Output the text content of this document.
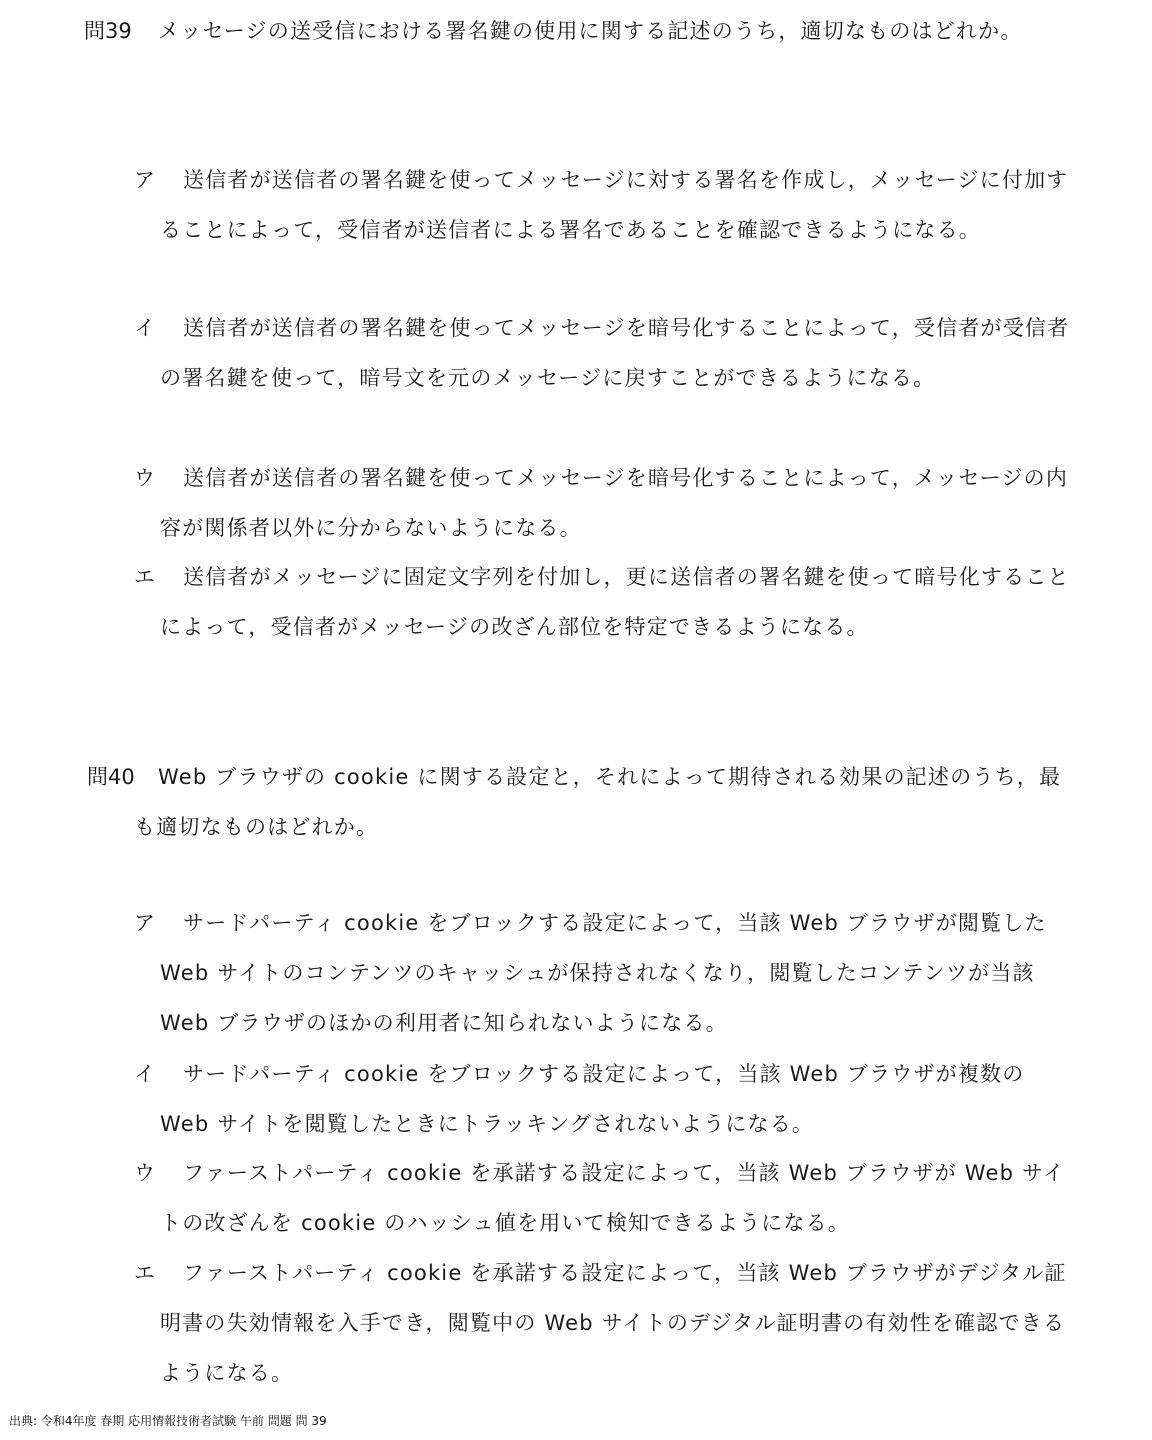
問39	メッセージの送受信における署名鍵の使用に関する記述のうち，適切なものはどれか。
ア	送信者が送信者の署名鍵を使ってメッセージに対する署名を作成し，メッセージに付加することによって，受信者が送信者による署名であることを確認できるようになる。
イ	送信者が送信者の署名鍵を使ってメッセージを暗号化することによって，受信者が受信者の署名鍵を使って，暗号文を元のメッセージに戻すことができるようになる。
ウ	送信者が送信者の署名鍵を使ってメッセージを暗号化することによって，メッセージの内容が関係者以外に分からないようになる。
エ	送信者がメッセージに固定文字列を付加し，更に送信者の署名鍵を使って暗号化することによって，受信者がメッセージの改ざん部位を特定できるようになる。
問40	Web ブラウザの cookie に関する設定と，それによって期待される効果の記述のうち，最も適切なものはどれか。
ア	サードパーティ cookie をブロックする設定によって，当該 Web ブラウザが閲覧した Web サイトのコンテンツのキャッシュが保持されなくなり，閲覧したコンテンツが当該 Web ブラウザのほかの利用者に知られないようになる。
イ	サードパーティ cookie をブロックする設定によって，当該 Web ブラウザが複数の Web サイトを閲覧したときにトラッキングされないようになる。
ウ	ファーストパーティ cookie を承諾する設定によって，当該 Web ブラウザが Web サイトの改ざんを cookie のハッシュ値を用いて検知できるようになる。
エ	ファーストパーティ cookie を承諾する設定によって，当該 Web ブラウザがデジタル証明書の失効情報を入手でき，閲覧中の Web サイトのデジタル証明書の有効性を確認できるようになる。
出典: 令和4年度 春期 応用情報技術者試験 午前 問題 問 39
